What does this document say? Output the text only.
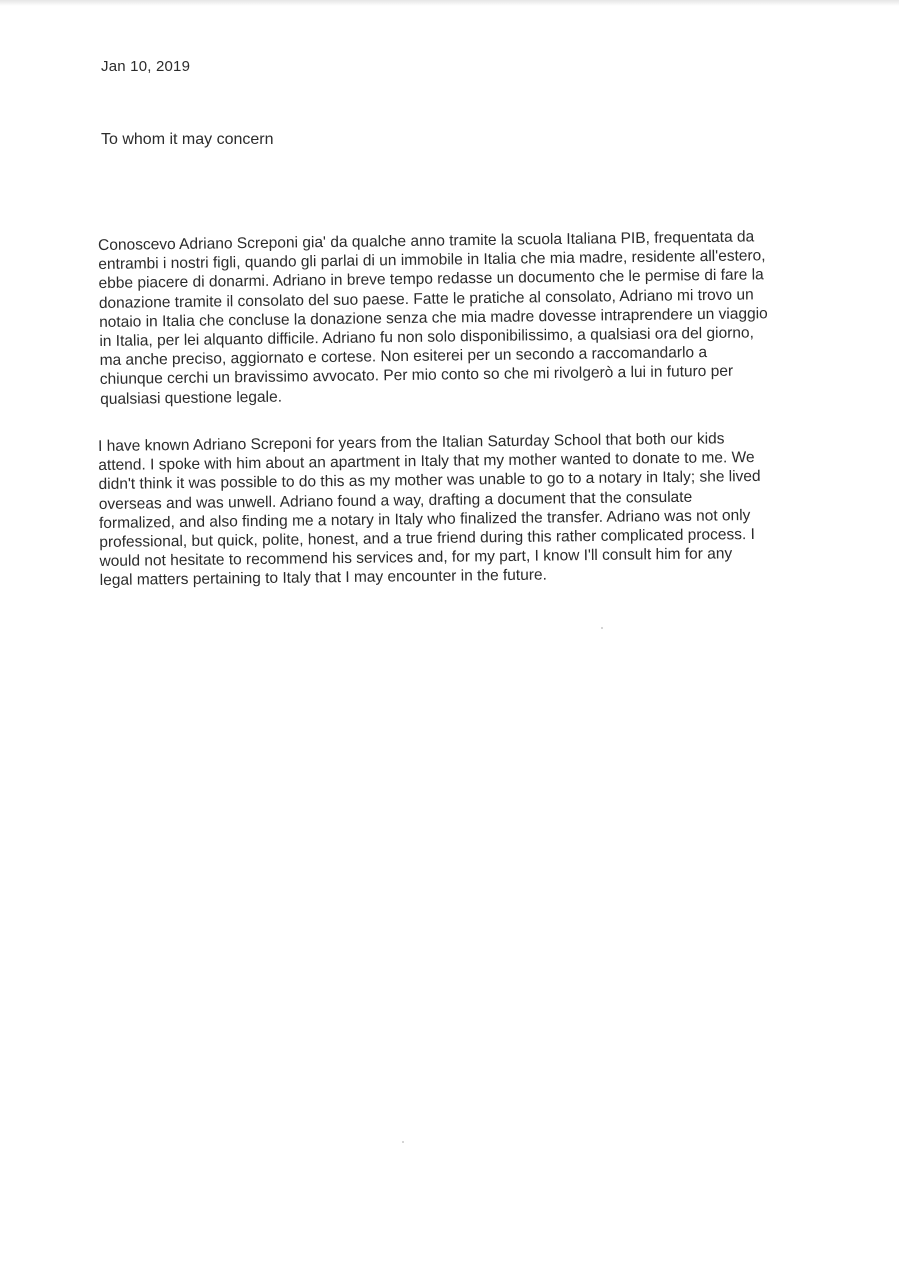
Jan 10, 2019
To whom it may concern

Conoscevo Adriano Screponi gia' da qualche anno tramite la scuola Italiana PIB, frequentata da
entrambi i nostri figli, quando gli parlai di un immobile in Italia che mia madre, residente all'estero,
ebbe piacere di donarmi. Adriano in breve tempo redasse un documento che le permise di fare la
donazione tramite il consolato del suo paese. Fatte le pratiche al consolato, Adriano mi trovo un
notaio in Italia che concluse la donazione senza che mia madre dovesse intraprendere un viaggio
in Italia, per lei alquanto difficile. Adriano fu non solo disponibilissimo, a qualsiasi ora del giorno,
ma anche preciso, aggiornato e cortese. Non esiterei per un secondo a raccomandarlo a
chiunque cerchi un bravissimo avvocato. Per mio conto so che mi rivolgerò a lui in futuro per
qualsiasi questione legale.

I have known Adriano Screponi for years from the Italian Saturday School that both our kids
attend. I spoke with him about an apartment in Italy that my mother wanted to donate to me. We
didn't think it was possible to do this as my mother was unable to go to a notary in Italy; she lived
overseas and was unwell. Adriano found a way, drafting a document that the consulate
formalized, and also finding me a notary in Italy who finalized the transfer. Adriano was not only
professional, but quick, polite, honest, and a true friend during this rather complicated process. I
would not hesitate to recommend his services and, for my part, I know I'll consult him for any
legal matters pertaining to Italy that I may encounter in the future.
